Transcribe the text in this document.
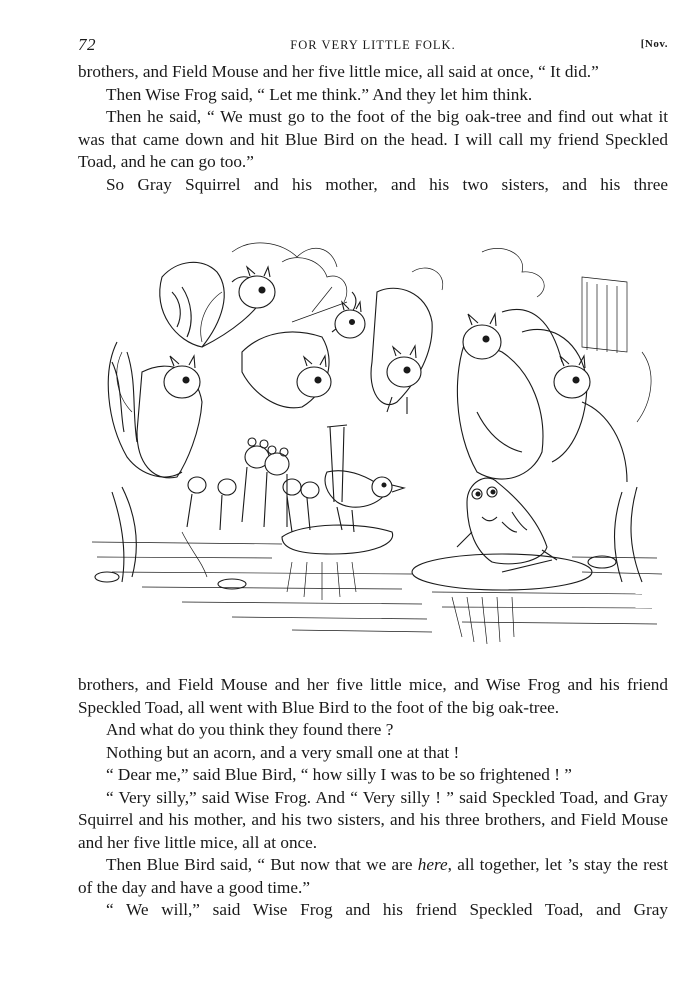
72	FOR VERY LITTLE FOLK.	[Nov.

brothers, and Field Mouse and her five little mice, all said at once, “ It did.”

Then Wise Frog said, “ Let me think.” And they let him think.

Then he said, “ We must go to the foot of the big oak-tree and find out what it was that came down and hit Blue Bird on the head. I will call my friend Speckled Toad, and he can go too.”

So Gray Squirrel and his mother, and his two sisters, and his three

brothers, and Field Mouse and her five little mice, and Wise Frog and his friend Speckled Toad, all went with Blue Bird to the foot of the big oak-tree.

And what do you think they found there ?

Nothing but an acorn, and a very small one at that !

“ Dear me,” said Blue Bird, “ how silly I was to be so frightened ! ”

“ Very silly,” said Wise Frog. And “ Very silly ! ” said Speckled Toad, and Gray Squirrel and his mother, and his two sisters, and his three brothers, and Field Mouse and her five little mice, all at once.

Then Blue Bird said, “ But now that we are here, all together, let ’s stay the rest of the day and have a good time.”

“ We will,” said Wise Frog and his friend Speckled Toad, and Gray
